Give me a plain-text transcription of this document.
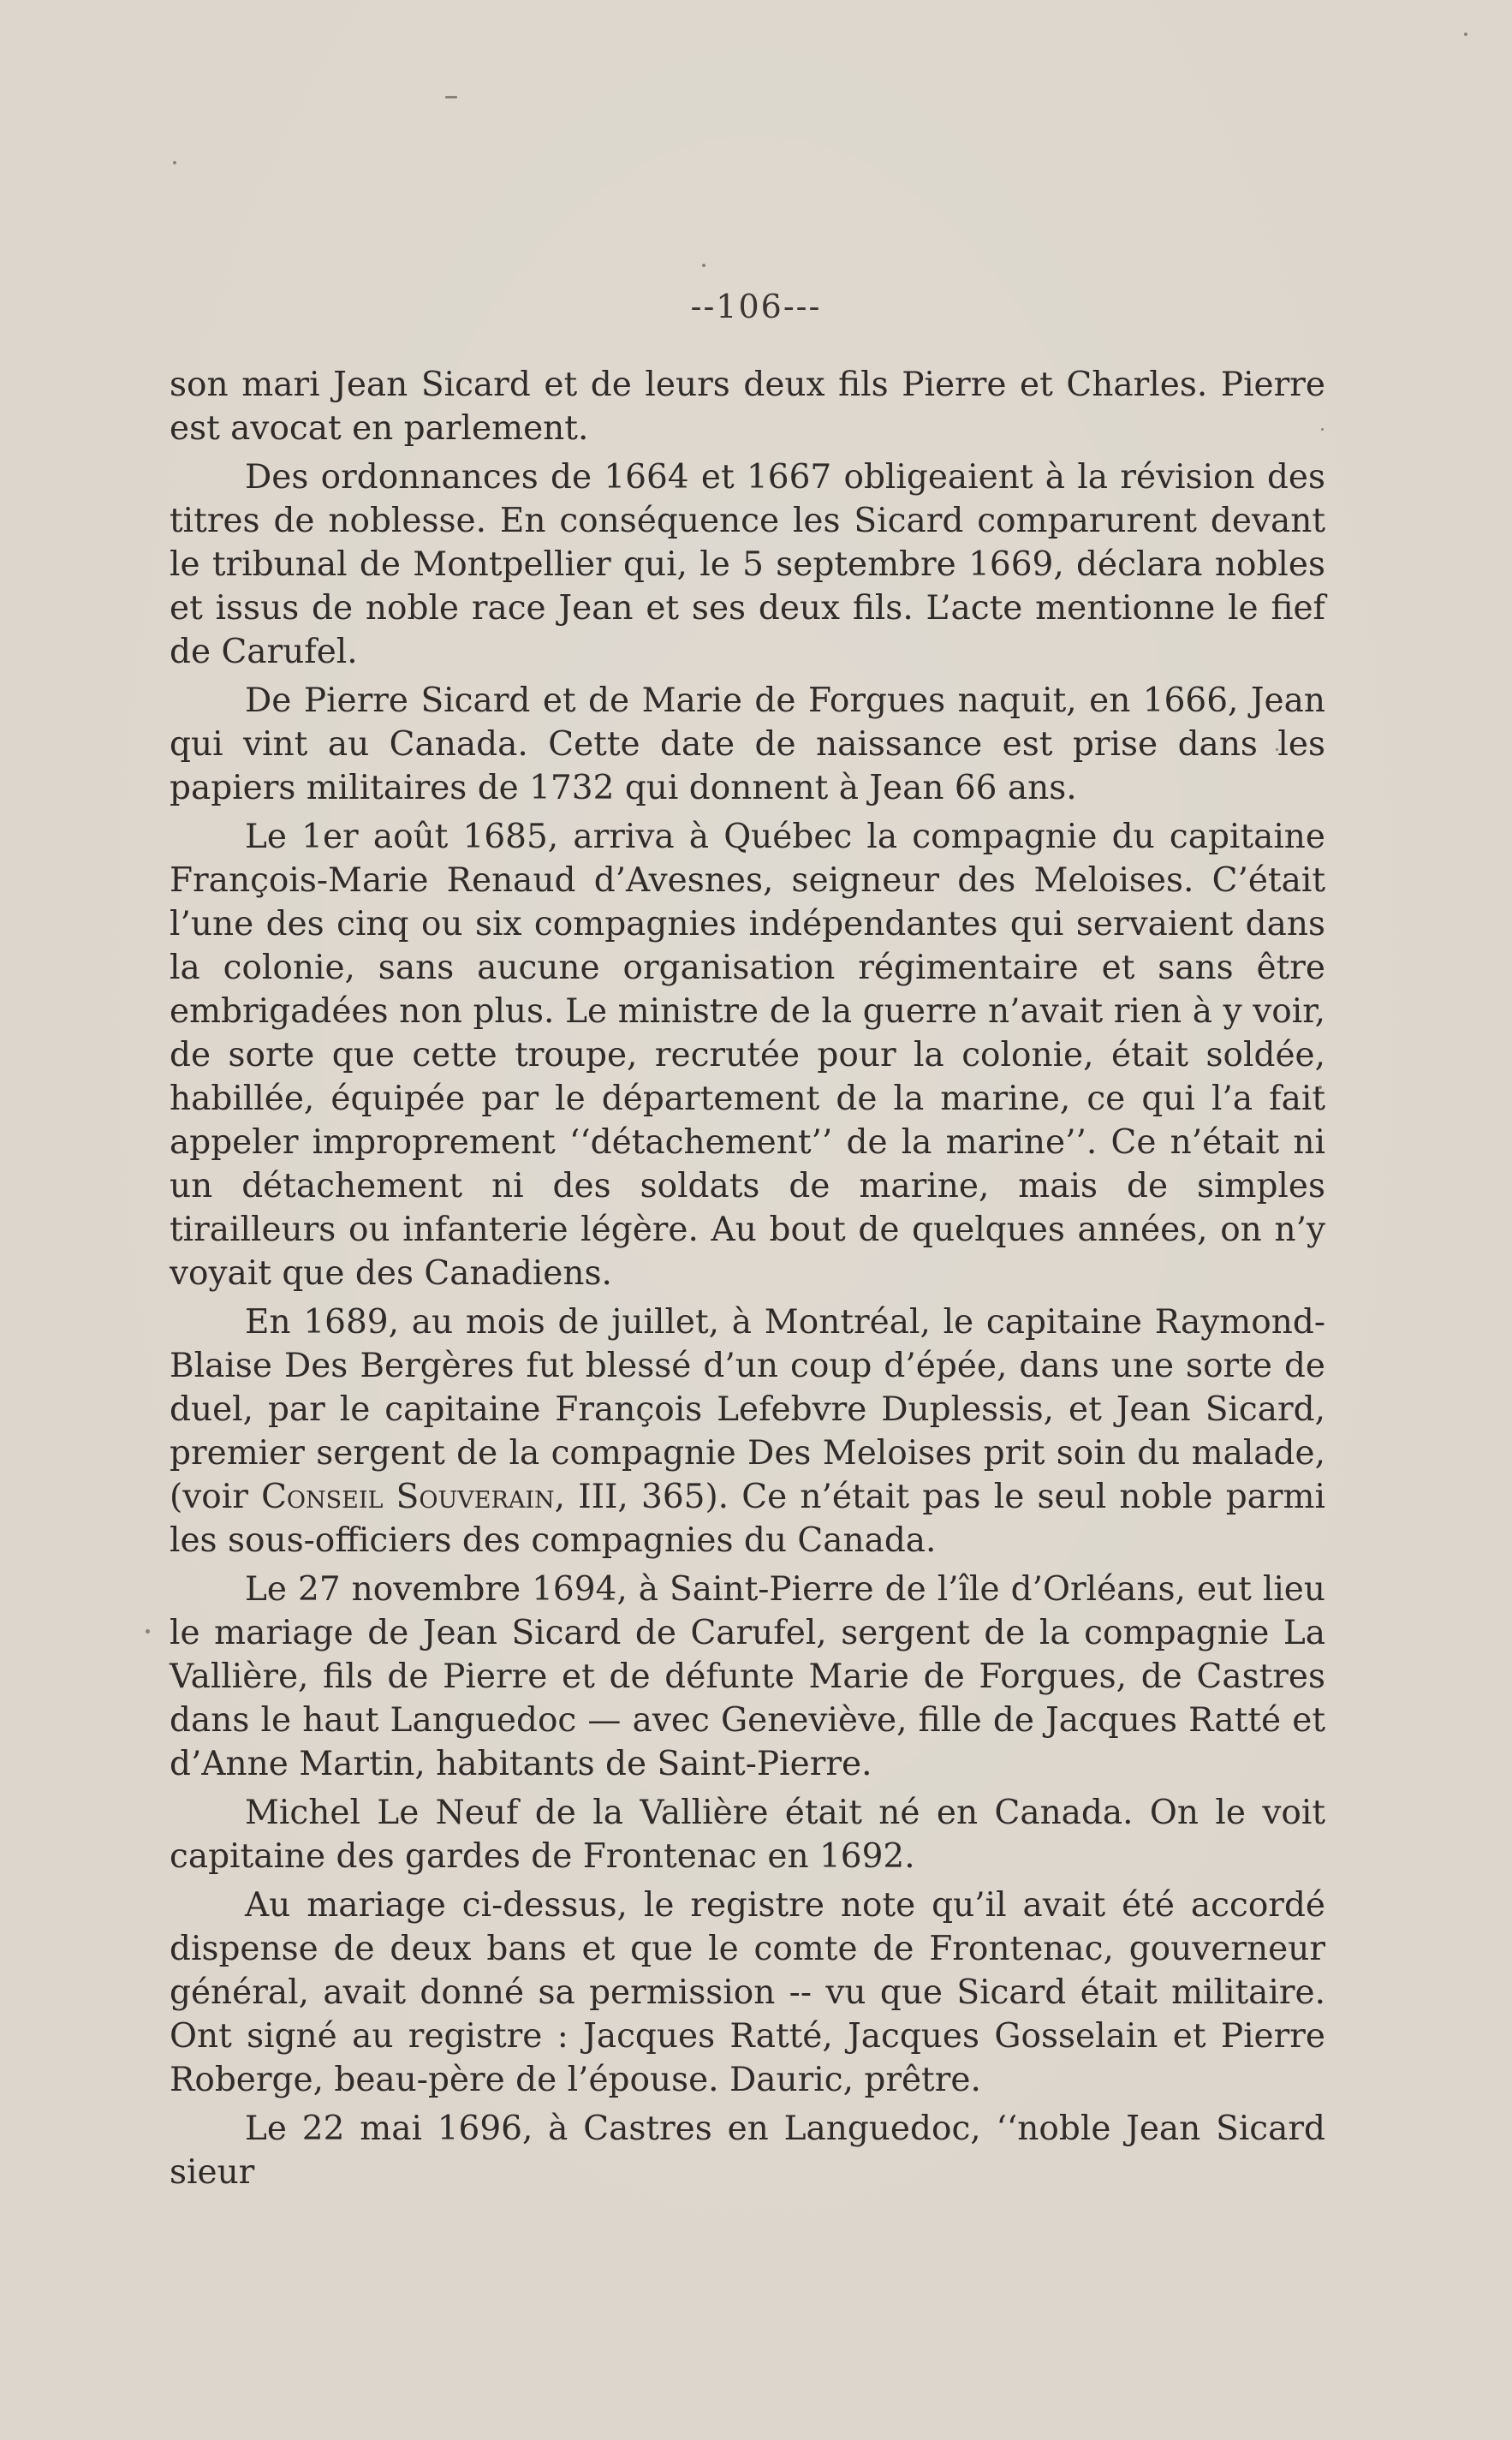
--106---

son mari Jean Sicard et de leurs deux fils Pierre et Charles. Pierre est avocat en parlement.

Des ordonnances de 1664 et 1667 obligeaient à la révision des titres de noblesse. En conséquence les Sicard comparurent devant le tribunal de Montpellier qui, le 5 septembre 1669, déclara nobles et issus de noble race Jean et ses deux fils. L’acte mentionne le fief de Carufel.

De Pierre Sicard et de Marie de Forgues naquit, en 1666, Jean qui vint au Canada. Cette date de naissance est prise dans les papiers militaires de 1732 qui donnent à Jean 66 ans.

Le 1er août 1685, arriva à Québec la compagnie du capitaine François-Marie Renaud d’Avesnes, seigneur des Meloises. C’était l’une des cinq ou six compagnies indépendantes qui servaient dans la colonie, sans aucune organisation régimentaire et sans être embrigadées non plus. Le ministre de la guerre n’avait rien à y voir, de sorte que cette troupe, recrutée pour la colonie, était soldée, habillée, équipée par le département de la marine, ce qui l’a fait appeler improprement ‘‘détachement’’ de la marine’’. Ce n’était ni un détachement ni des soldats de marine, mais de simples tirailleurs ou infanterie légère. Au bout de quelques années, on n’y voyait que des Canadiens.

En 1689, au mois de juillet, à Montréal, le capitaine Raymond-Blaise Des Bergères fut blessé d’un coup d’épée, dans une sorte de duel, par le capitaine François Lefebvre Duplessis, et Jean Sicard, premier sergent de la compagnie Des Meloises prit soin du malade, (voir Conseil Souverain, III, 365). Ce n’était pas le seul noble parmi les sous-officiers des compagnies du Canada.

Le 27 novembre 1694, à Saint-Pierre de l’île d’Orléans, eut lieu le mariage de Jean Sicard de Carufel, sergent de la compagnie La Vallière, fils de Pierre et de défunte Marie de Forgues, de Castres dans le haut Languedoc — avec Geneviève, fille de Jacques Ratté et d’Anne Martin, habitants de Saint-Pierre.

Michel Le Neuf de la Vallière était né en Canada. On le voit capitaine des gardes de Frontenac en 1692.

Au mariage ci-dessus, le registre note qu’il avait été accordé dispense de deux bans et que le comte de Frontenac, gouverneur général, avait donné sa permission -- vu que Sicard était militaire. Ont signé au registre : Jacques Ratté, Jacques Gosselain et Pierre Roberge, beau-père de l’épouse. Dauric, prêtre.

Le 22 mai 1696, à Castres en Languedoc, ‘‘noble Jean Sicard sieur
